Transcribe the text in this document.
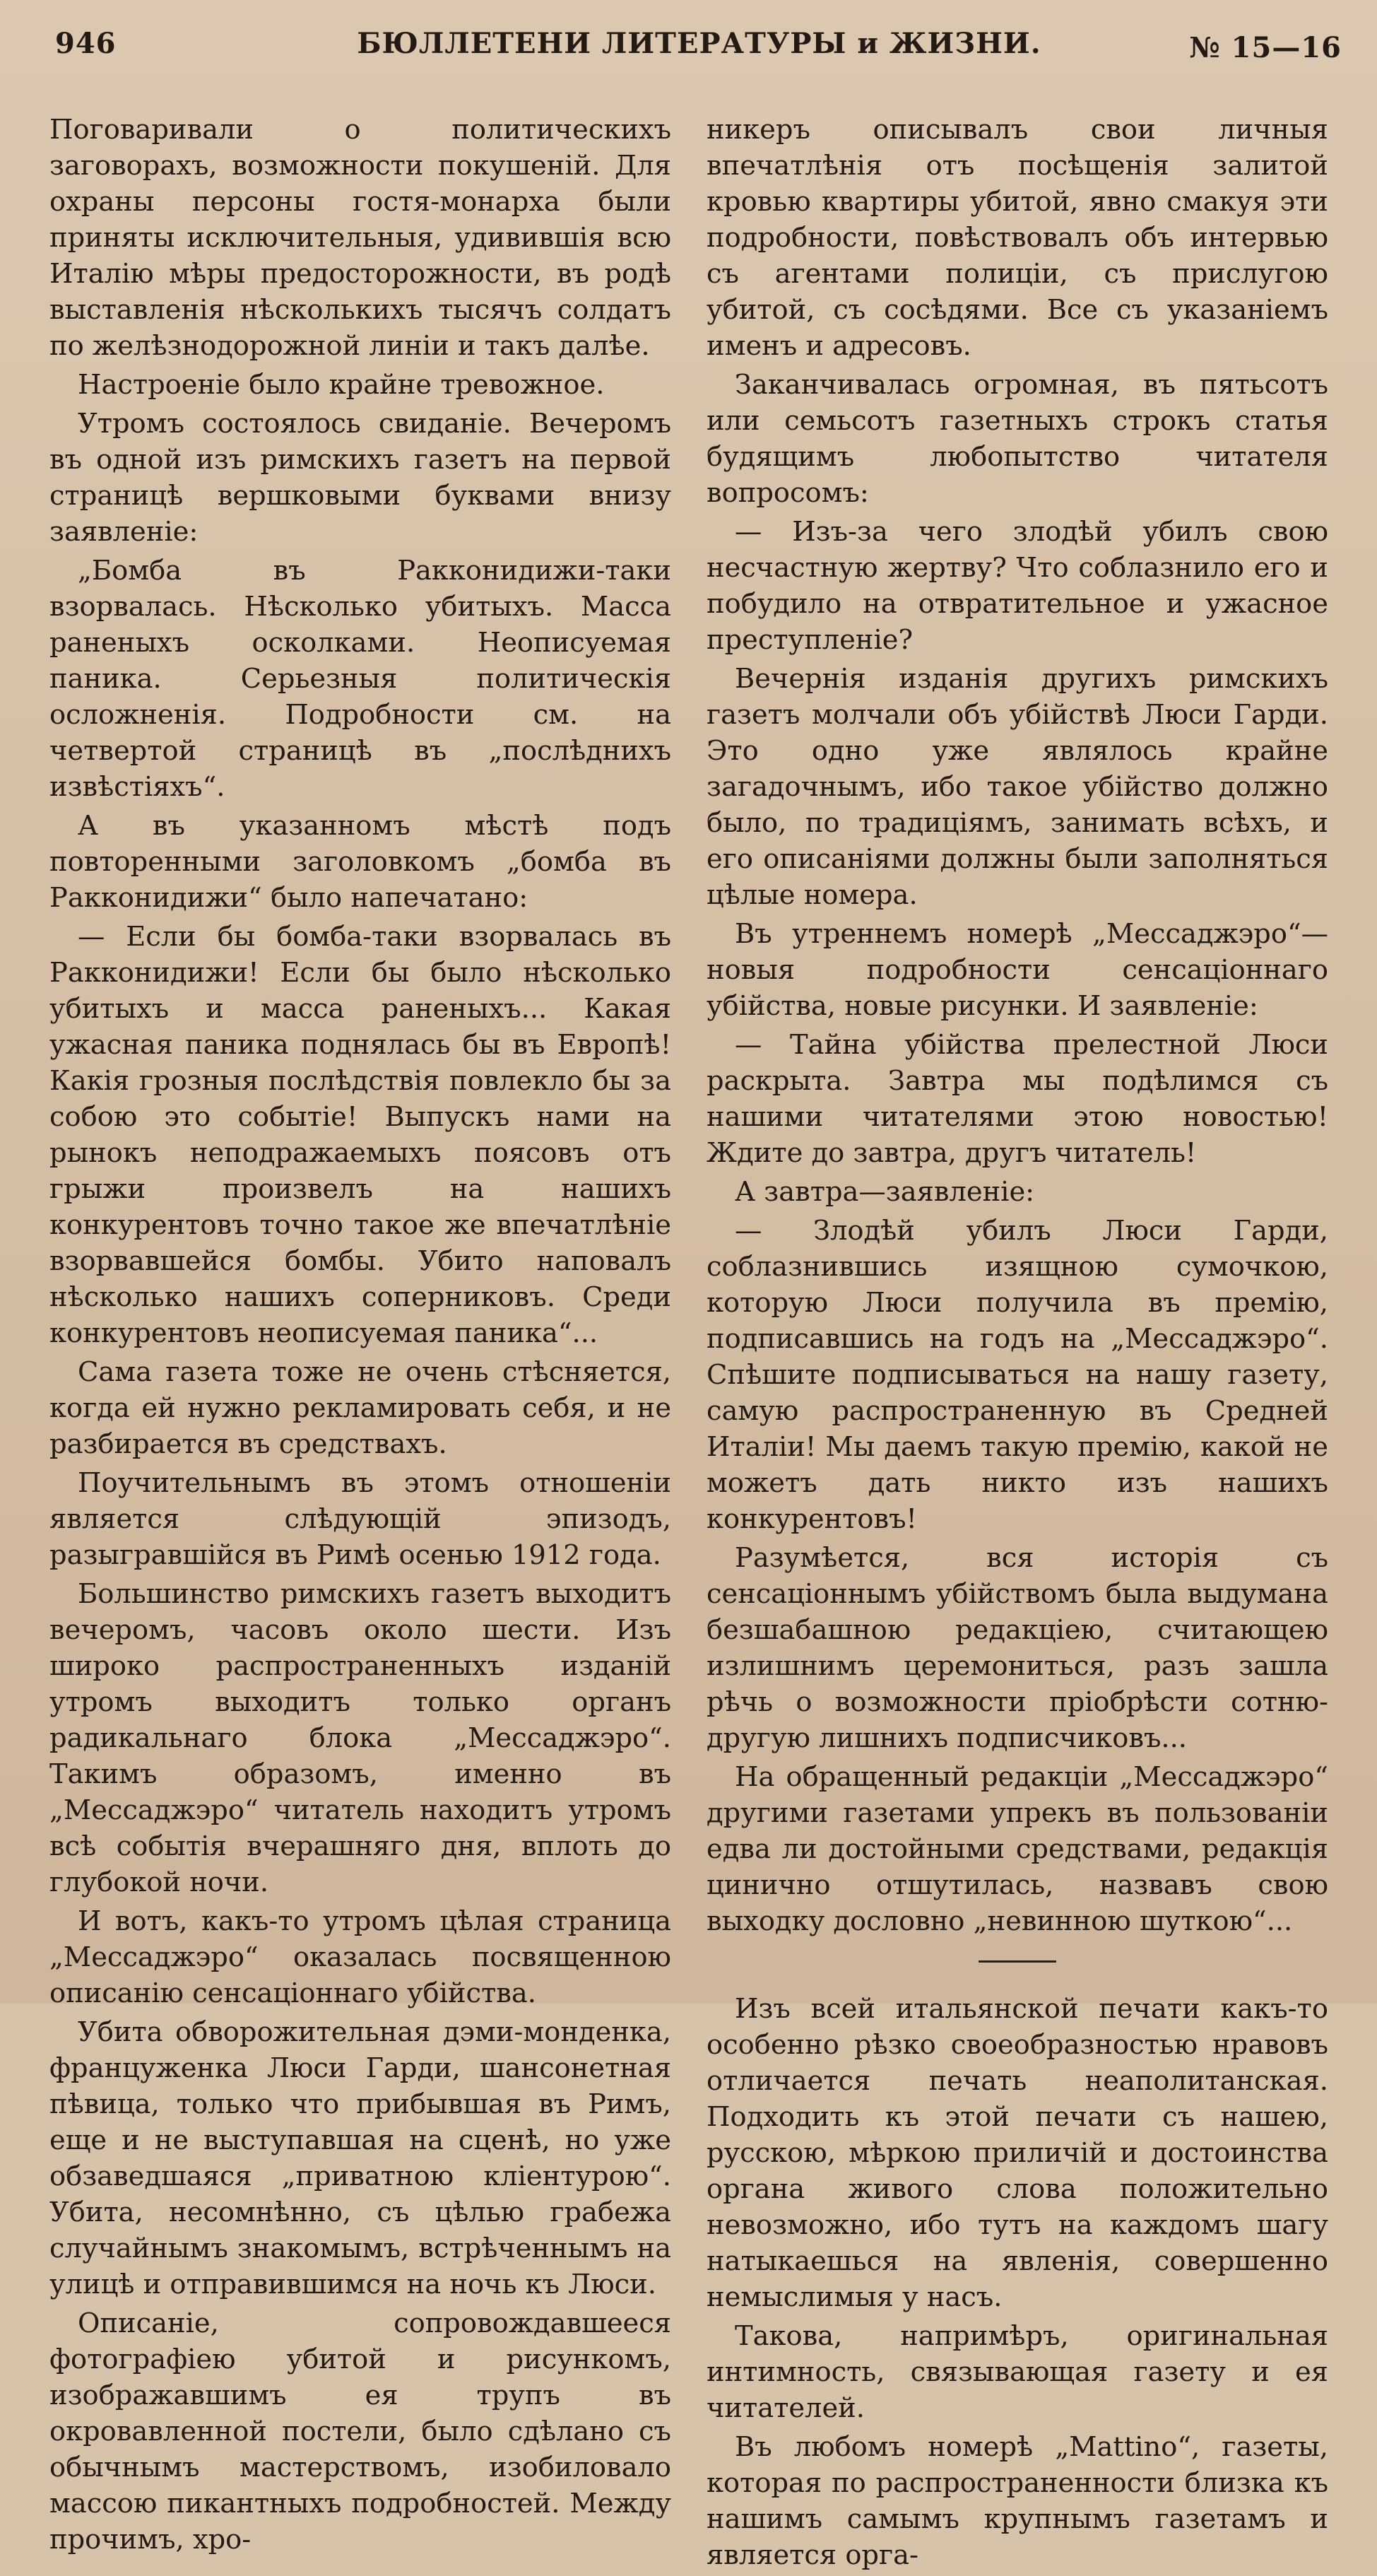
946	БЮЛЛЕТЕНИ ЛИТЕРАТУРЫ и ЖИЗНИ.	№ 15—16

Поговаривали о политическихъ заговорахъ, возможности покушеній. Для охраны персоны гостя-монарха были приняты исключительныя, удивившія всю Италію мѣры предосторожности, въ родѣ выставленія нѣсколькихъ тысячъ солдатъ по желѣзнодорожной линіи и такъ далѣе.

Настроеніе было крайне тревожное.

Утромъ состоялось свиданіе. Вечеромъ въ одной изъ римскихъ газетъ на первой страницѣ вершковыми буквами внизу заявленіе:

„Бомба въ Ракконидижи-таки взорвалась. Нѣсколько убитыхъ. Масса раненыхъ осколками. Неописуемая паника. Серьезныя политическія осложненія. Подробности см. на четвертой страницѣ въ „послѣднихъ извѣстіяхъ“.

А въ указанномъ мѣстѣ подъ повторенными заголовкомъ „бомба въ Ракконидижи“ было напечатано:

— Если бы бомба-таки взорвалась въ Ракконидижи! Если бы было нѣсколько убитыхъ и масса раненыхъ... Какая ужасная паника поднялась бы въ Европѣ! Какія грозныя послѣдствія повлекло бы за собою это событіе! Выпускъ нами на рынокъ неподражаемыхъ поясовъ отъ грыжи произвелъ на нашихъ конкурентовъ точно такое же впечатлѣніе взорвавшейся бомбы. Убито наповалъ нѣсколько нашихъ соперниковъ. Среди конкурентовъ неописуемая паника“...

Сама газета тоже не очень стѣсняется, когда ей нужно рекламировать себя, и не разбирается въ средствахъ.

Поучительнымъ въ этомъ отношеніи является слѣдующій эпизодъ, разыгравшійся въ Римѣ осенью 1912 года.

Большинство римскихъ газетъ выходитъ вечеромъ, часовъ около шести. Изъ широко распространенныхъ изданій утромъ выходитъ только органъ радикальнаго блока „Мессаджэро“. Такимъ образомъ, именно въ „Мессаджэро“ читатель находитъ утромъ всѣ событія вчерашняго дня, вплоть до глубокой ночи.

И вотъ, какъ-то утромъ цѣлая страница „Мессаджэро“ оказалась посвященною описанію сенсаціоннаго убійства.

Убита обворожительная дэми-монденка, француженка Люси Гарди, шансонетная пѣвица, только что прибывшая въ Римъ, еще и не выступавшая на сценѣ, но уже обзаведшаяся „приватною кліентурою“. Убита, несомнѣнно, съ цѣлью грабежа случайнымъ знакомымъ, встрѣченнымъ на улицѣ и отправившимся на ночь къ Люси.

Описаніе, сопровождавшееся фотографіею убитой и рисункомъ, изображавшимъ ея трупъ въ окровавленной постели, было сдѣлано съ обычнымъ мастерствомъ, изобиловало массою пикантныхъ подробностей. Между прочимъ, хро-

никеръ описывалъ свои личныя впечатлѣнія отъ посѣщенія залитой кровью квартиры убитой, явно смакуя эти подробности, повѣствовалъ объ интервью съ агентами полиціи, съ прислугою убитой, съ сосѣдями. Все съ указаніемъ именъ и адресовъ.

Заканчивалась огромная, въ пятьсотъ или семьсотъ газетныхъ строкъ статья будящимъ любопытство читателя вопросомъ:

— Изъ-за чего злодѣй убилъ свою несчастную жертву? Что соблазнило его и побудило на отвратительное и ужасное преступленіе?

Вечернія изданія другихъ римскихъ газетъ молчали объ убійствѣ Люси Гарди. Это одно уже являлось крайне загадочнымъ, ибо такое убійство должно было, по традиціямъ, занимать всѣхъ, и его описаніями должны были заполняться цѣлые номера.

Въ утреннемъ номерѣ „Мессаджэро“—новыя подробности сенсаціоннаго убійства, новые рисунки. И заявленіе:

— Тайна убійства прелестной Люси раскрыта. Завтра мы подѣлимся съ нашими читателями этою новостью! Ждите до завтра, другъ читатель!

А завтра—заявленіе:

— Злодѣй убилъ Люси Гарди, соблазнившись изящною сумочкою, которую Люси получила въ премію, подписавшись на годъ на „Мессаджэро“. Спѣшите подписываться на нашу газету, самую распространенную въ Средней Италіи! Мы даемъ такую премію, какой не можетъ дать никто изъ нашихъ конкурентовъ!

Разумѣется, вся исторія съ сенсаціоннымъ убійствомъ была выдумана безшабашною редакціею, считающею излишнимъ церемониться, разъ зашла рѣчь о возможности пріобрѣсти сотню-другую лишнихъ подписчиковъ...

На обращенный редакціи „Мессаджэро“ другими газетами упрекъ въ пользованіи едва ли достойными средствами, редакція цинично отшутилась, назвавъ свою выходку дословно „невинною шуткою“...

Изъ всей итальянской печати какъ-то особенно рѣзко своеобразностью нравовъ отличается печать неаполитанская. Подходить къ этой печати съ нашею, русскою, мѣркою приличій и достоинства органа живого слова положительно невозможно, ибо тутъ на каждомъ шагу натыкаешься на явленія, совершенно немыслимыя у насъ.

Такова, напримѣръ, оригинальная интимность, связывающая газету и ея читателей.

Въ любомъ номерѣ „Mattino“, газеты, которая по распространенности близка къ нашимъ самымъ крупнымъ газетамъ и является орга-
